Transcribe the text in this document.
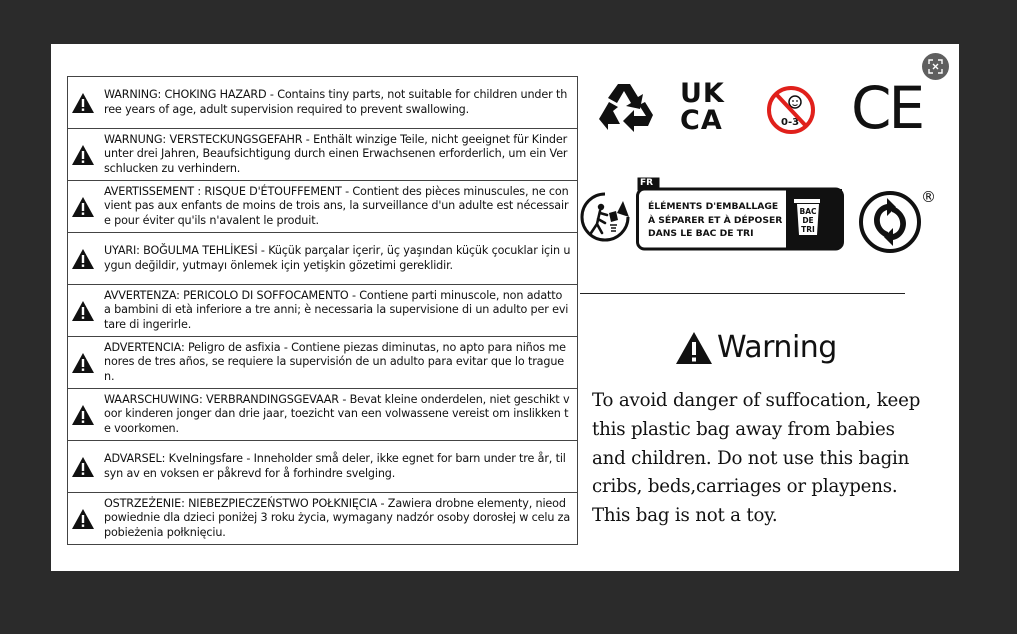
WARNING: CHOKING HAZARD - Contains tiny parts, not suitable for children under three years of age, adult supervision required to prevent swallowing.
WARNUNG: VERSTECKUNGSGEFAHR - Enthält winzige Teile, nicht geeignet für Kinder unter drei Jahren, Beaufsichtigung durch einen Erwachsenen erforderlich, um ein Verschlucken zu verhindern.
AVERTISSEMENT : RISQUE D'ÉTOUFFEMENT - Contient des pièces minuscules, ne convient pas aux enfants de moins de trois ans, la surveillance d'un adulte est nécessaire pour éviter qu'ils n'avalent le produit.
UYARI: BOĞULMA TEHLİKESİ - Küçük parçalar içerir, üç yaşından küçük çocuklar için uygun değildir, yutmayı önlemek için yetişkin gözetimi gereklidir.
AVVERTENZA: PERICOLO DI SOFFOCAMENTO - Contiene parti minuscole, non adatto a bambini di età inferiore a tre anni; è necessaria la supervisione di un adulto per evitare di ingerirle.
ADVERTENCIA: Peligro de asfixia - Contiene piezas diminutas, no apto para niños menores de tres años, se requiere la supervisión de un adulto para evitar que lo traguen.
WAARSCHUWING: VERBRANDINGSGEVAAR - Bevat kleine onderdelen, niet geschikt voor kinderen jonger dan drie jaar, toezicht van een volwassene vereist om inslikken te voorkomen.
ADVARSEL: Kvelningsfare - Inneholder små deler, ikke egnet for barn under tre år, tilsyn av en voksen er påkrevd for å forhindre svelging.
OSTRZEŻENIE: NIEBEZPIECZEŃSTWO POŁKNIĘCIA - Zawiera drobne elementy, nieodpowiednie dla dzieci poniżej 3 roku życia, wymagany nadzór osoby dorosłej w celu zapobieżenia połknięciu.
UK
CA	0-3 CE
FR
ÉLÉMENTS D'EMBALLAGE
À SÉPARER ET À DÉPOSER
DANS LE BAC DE TRI
BAC
DE
TRI
®
Warning
To avoid danger of suffocation, keep this plastic bag away from babies and children. Do not use this bagin cribs, beds,carriages or playpens. This bag is not a toy.
